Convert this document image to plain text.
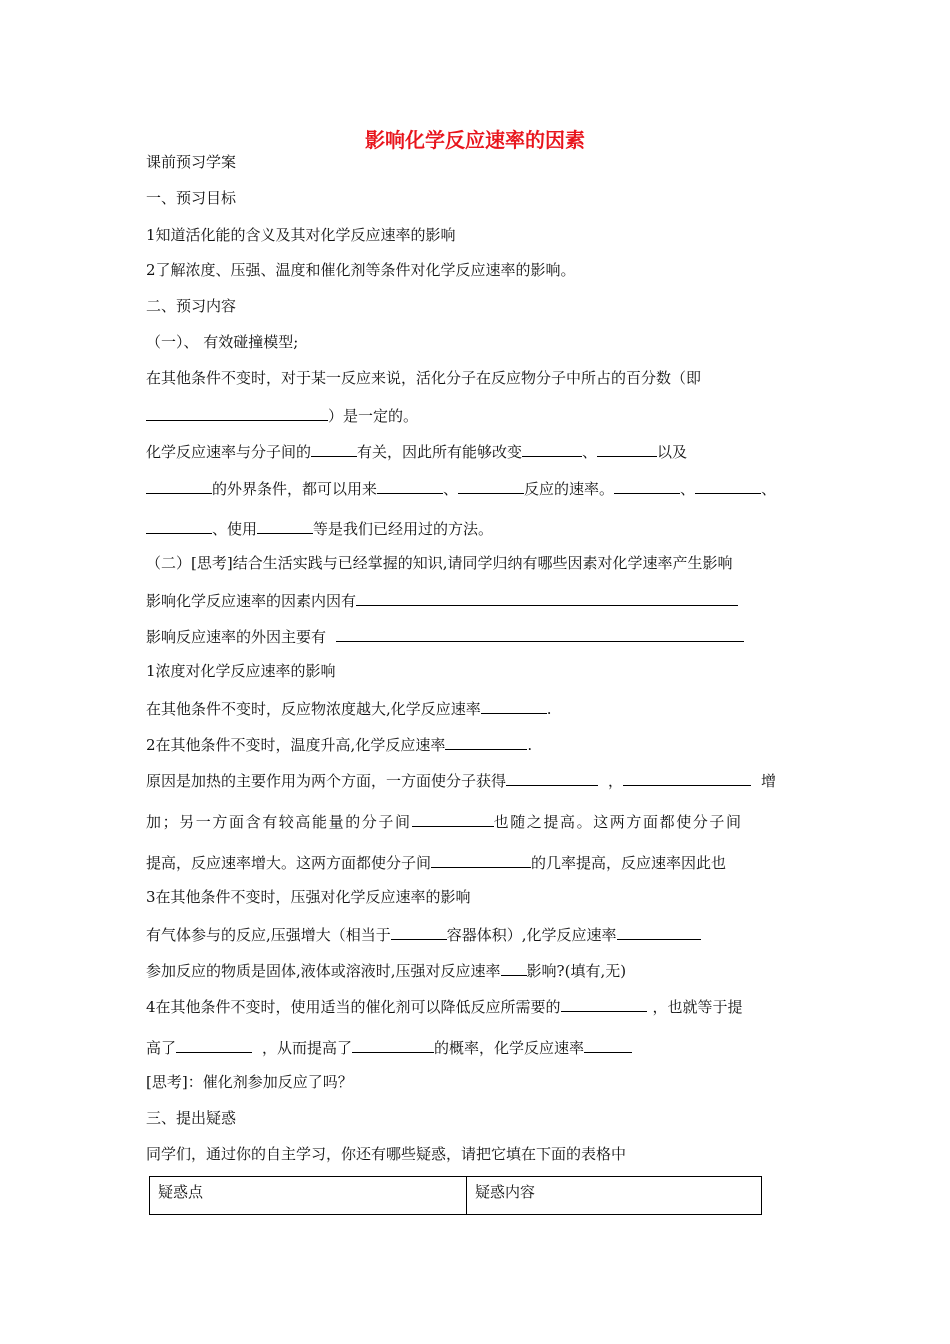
影响化学反应速率的因素

课前预习学案

一、预习目标

1知道活化能的含义及其对化学反应速率的影响

2了解浓度、压强、温度和催化剂等条件对化学反应速率的影响。

二、预习内容

（一）、 有效碰撞模型;

在其他条件不变时，对于某一反应来说，活化分子在反应物分子中所占的百分数（即

）是一定的。

化学反应速率与分子间的	有关，因此所有能够改变	、	以及

的外界条件，都可以用来	、	反应的速率。	、	、

、使用	等是我们已经用过的方法。

（二）[思考]结合生活实践与已经掌握的知识,请同学归纳有哪些因素对化学速率产生影响

影响化学反应速率的因素内因有

影响反应速率的外因主要有

1浓度对化学反应速率的影响

在其他条件不变时，反应物浓度越大,化学反应速率	.

2在其他条件不变时，温度升高,化学反应速率	.

原因是加热的主要作用为两个方面，一方面使分子获得	，	增

加；另一方面含有较高能量的分子间	也随之提高。这两方面都使分子间

提高，反应速率增大。这两方面都使分子间	的几率提高，反应速率因此也

3在其他条件不变时，压强对化学反应速率的影响

有气体参与的反应,压强增大（相当于	容器体积）,化学反应速率

参加反应的物质是固体,液体或溶液时,压强对反应速率 影响?(填有,无)

4在其他条件不变时，使用适当的催化剂可以降低反应所需要的	，也就等于提

高了	，从而提高了	的概率，化学反应速率

[思考]：催化剂参加反应了吗？

三、提出疑惑

同学们，通过你的自主学习，你还有哪些疑惑，请把它填在下面的表格中

疑惑点	疑惑内容
